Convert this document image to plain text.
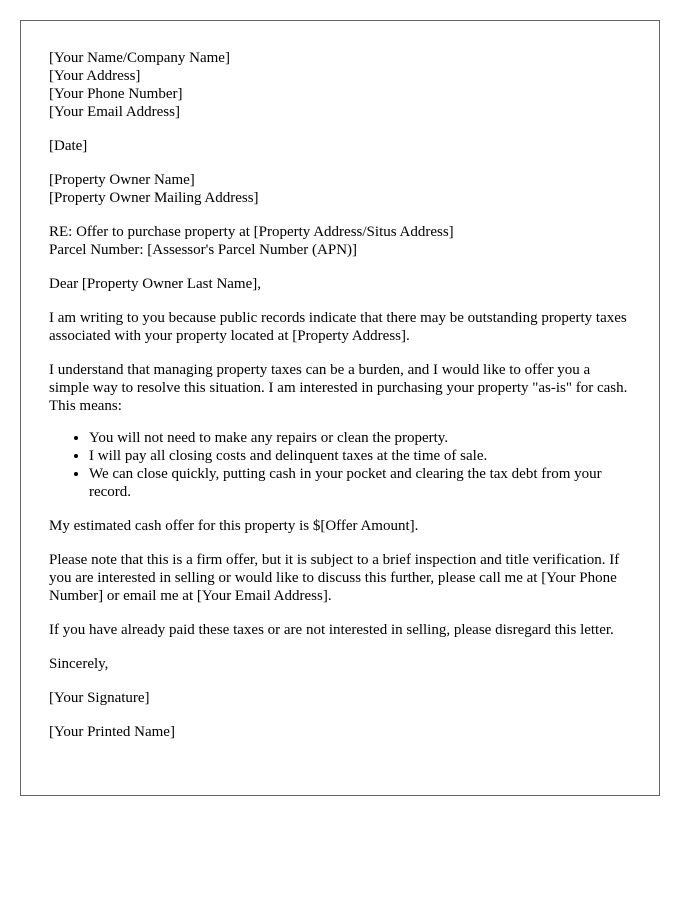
[Your Name/Company Name]
[Your Address]
[Your Phone Number]
[Your Email Address]

[Date]

[Property Owner Name]
[Property Owner Mailing Address]

RE: Offer to purchase property at [Property Address/Situs Address]
Parcel Number: [Assessor's Parcel Number (APN)]

Dear [Property Owner Last Name],

I am writing to you because public records indicate that there may be outstanding property taxes associated with your property located at [Property Address].

I understand that managing property taxes can be a burden, and I would like to offer you a simple way to resolve this situation. I am interested in purchasing your property "as-is" for cash. This means:

• You will not need to make any repairs or clean the property.
• I will pay all closing costs and delinquent taxes at the time of sale.
• We can close quickly, putting cash in your pocket and clearing the tax debt from your record.

My estimated cash offer for this property is $[Offer Amount].

Please note that this is a firm offer, but it is subject to a brief inspection and title verification. If you are interested in selling or would like to discuss this further, please call me at [Your Phone Number] or email me at [Your Email Address].

If you have already paid these taxes or are not interested in selling, please disregard this letter.

Sincerely,

[Your Signature]

[Your Printed Name]
